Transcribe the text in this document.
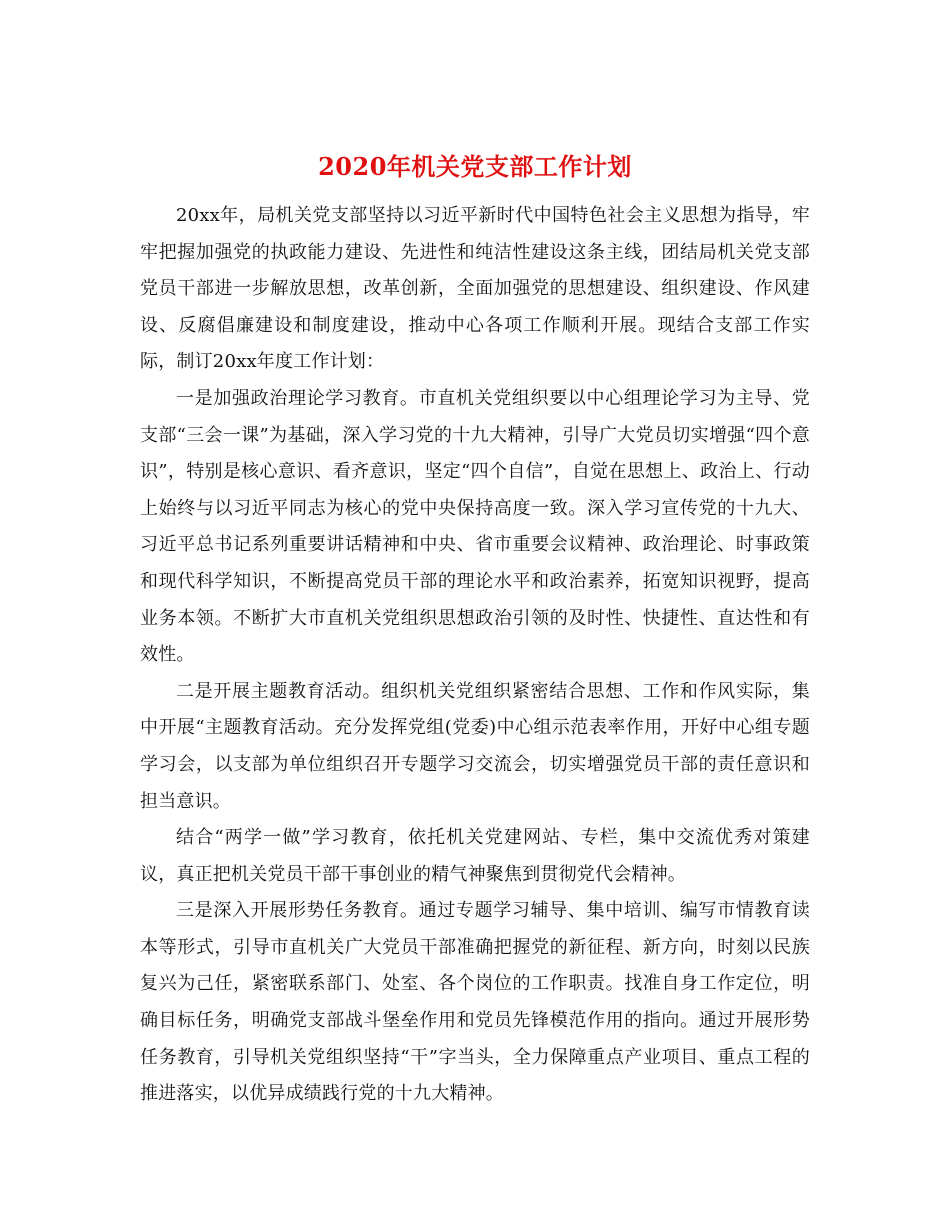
2020年机关党支部工作计划

20xx年，局机关党支部坚持以习近平新时代中国特色社会主义思想为指导，牢牢把握加强党的执政能力建设、先进性和纯洁性建设这条主线，团结局机关党支部党员干部进一步解放思想，改革创新，全面加强党的思想建设、组织建设、作风建设、反腐倡廉建设和制度建设，推动中心各项工作顺利开展。现结合支部工作实际，制订20xx年度工作计划：

一是加强政治理论学习教育。市直机关党组织要以中心组理论学习为主导、党支部“三会一课”为基础，深入学习党的十九大精神，引导广大党员切实增强“四个意识”，特别是核心意识、看齐意识，坚定“四个自信”，自觉在思想上、政治上、行动上始终与以习近平同志为核心的党中央保持高度一致。深入学习宣传党的十九大、习近平总书记系列重要讲话精神和中央、省市重要会议精神、政治理论、时事政策和现代科学知识，不断提高党员干部的理论水平和政治素养，拓宽知识视野，提高业务本领。不断扩大市直机关党组织思想政治引领的及时性、快捷性、直达性和有效性。

二是开展主题教育活动。组织机关党组织紧密结合思想、工作和作风实际，集中开展“主题教育活动。充分发挥党组(党委)中心组示范表率作用，开好中心组专题学习会，以支部为单位组织召开专题学习交流会，切实增强党员干部的责任意识和担当意识。

结合“两学一做”学习教育，依托机关党建网站、专栏，集中交流优秀对策建议，真正把机关党员干部干事创业的精气神聚焦到贯彻党代会精神。

三是深入开展形势任务教育。通过专题学习辅导、集中培训、编写市情教育读本等形式，引导市直机关广大党员干部准确把握党的新征程、新方向，时刻以民族复兴为己任，紧密联系部门、处室、各个岗位的工作职责。找准自身工作定位，明确目标任务，明确党支部战斗堡垒作用和党员先锋模范作用的指向。通过开展形势任务教育，引导机关党组织坚持“干”字当头，全力保障重点产业项目、重点工程的推进落实，以优异成绩践行党的十九大精神。
